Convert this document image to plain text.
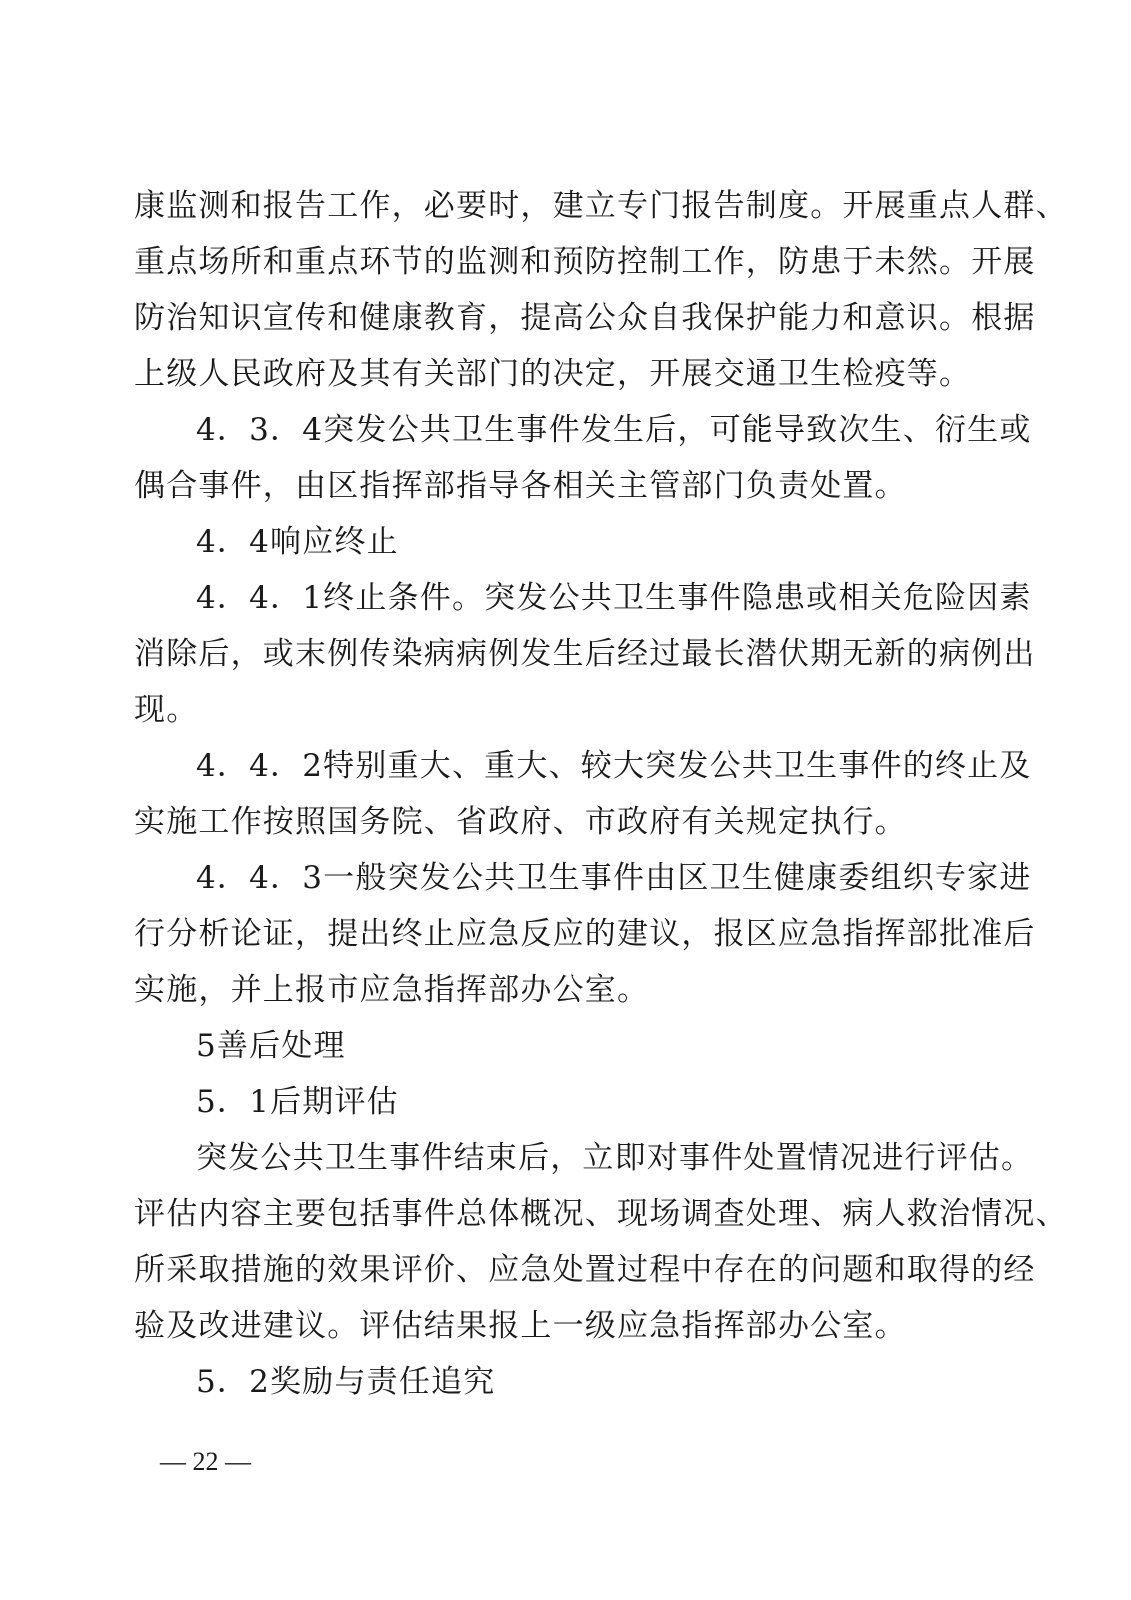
康监测和报告工作，必要时，建立专门报告制度。开展重点人群、
重点场所和重点环节的监测和预防控制工作，防患于未然。开展
防治知识宣传和健康教育，提高公众自我保护能力和意识。根据
上级人民政府及其有关部门的决定，开展交通卫生检疫等。
4．3．4突发公共卫生事件发生后，可能导致次生、衍生或
偶合事件，由区指挥部指导各相关主管部门负责处置。
4．4响应终止
4．4．1终止条件。突发公共卫生事件隐患或相关危险因素
消除后，或末例传染病病例发生后经过最长潜伏期无新的病例出
现。
4．4．2特别重大、重大、较大突发公共卫生事件的终止及
实施工作按照国务院、省政府、市政府有关规定执行。
4．4．3一般突发公共卫生事件由区卫生健康委组织专家进
行分析论证，提出终止应急反应的建议，报区应急指挥部批准后
实施，并上报市应急指挥部办公室。
5善后处理
5．1后期评估
突发公共卫生事件结束后，立即对事件处置情况进行评估。
评估内容主要包括事件总体概况、现场调查处理、病人救治情况、
所采取措施的效果评价、应急处置过程中存在的问题和取得的经
验及改进建议。评估结果报上一级应急指挥部办公室。
5．2奖励与责任追究
— 22 —
